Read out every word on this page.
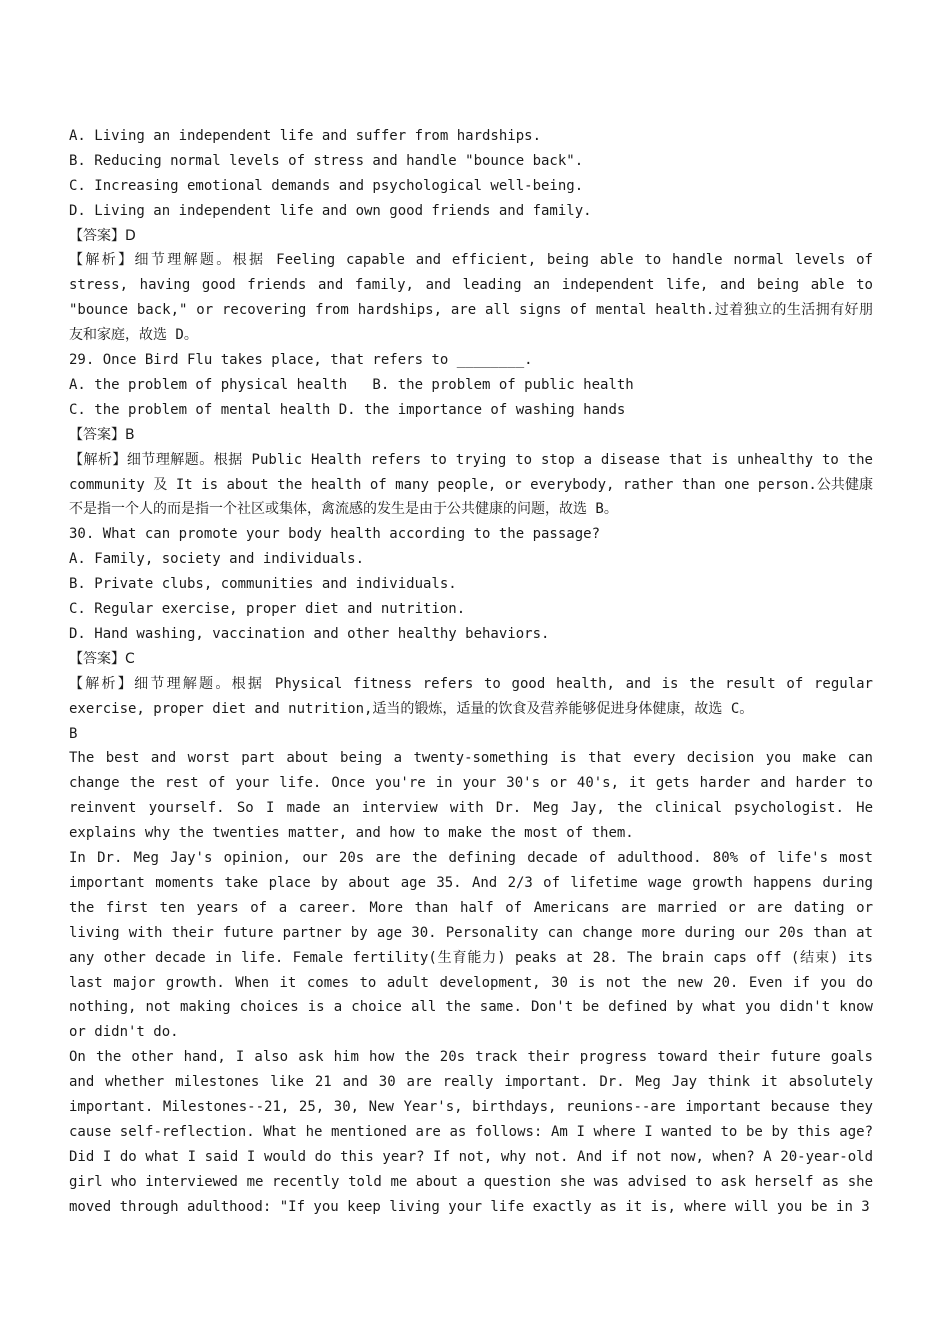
A. Living an independent life and suffer from hardships.
B. Reducing normal levels of stress and handle "bounce back".
C. Increasing emotional demands and psychological well-being.
D. Living an independent life and own good friends and family.
【答案】D

【解析】细节理解题。根据 Feeling capable and efficient, being able to handle normal levels of stress, having good friends and family, and leading an independent life, and being able to "bounce back," or recovering from hardships, are all signs of mental health.过着独立的生活拥有好朋友和家庭，故选 D。

29. Once Bird Flu takes place, that refers to ________.
A. the problem of physical health   B. the problem of public health
C. the problem of mental health D. the importance of washing hands
【答案】B

【解析】细节理解题。根据 Public Health refers to trying to stop a disease that is unhealthy to the community 及 It is about the health of many people, or everybody, rather than one person.公共健康不是指一个人的而是指一个社区或集体，禽流感的发生是由于公共健康的问题，故选 B。

30. What can promote your body health according to the passage?
A. Family, society and individuals.
B. Private clubs, communities and individuals.
C. Regular exercise, proper diet and nutrition.
D. Hand washing, vaccination and other healthy behaviors.
【答案】C

【解析】细节理解题。根据 Physical fitness refers to good health, and is the result of regular exercise, proper diet and nutrition,适当的锻炼，适量的饮食及营养能够促进身体健康，故选 C。

B

The best and worst part about being a twenty-something is that every decision you make can change the rest of your life. Once you're in your 30's or 40's, it gets harder and harder to reinvent yourself. So I made an interview with Dr. Meg Jay, the clinical psychologist. He explains why the twenties matter, and how to make the most of them.

In Dr. Meg Jay's opinion, our 20s are the defining decade of adulthood. 80% of life's most important moments take place by about age 35. And 2/3 of lifetime wage growth happens during the first ten years of a career. More than half of Americans are married or are dating or living with their future partner by age 30. Personality can change more during our 20s than at any other decade in life. Female fertility(生育能力) peaks at 28. The brain caps off (结束) its last major growth. When it comes to adult development, 30 is not the new 20. Even if you do nothing, not making choices is a choice all the same. Don't be defined by what you didn't know or didn't do.

On the other hand, I also ask him how the 20s track their progress toward their future goals and whether milestones like 21 and 30 are really important. Dr. Meg Jay think it absolutely important. Milestones--21, 25, 30, New Year's, birthdays, reunions--are important because they cause self-reflection. What he mentioned are as follows: Am I where I wanted to be by this age? Did I do what I said I would do this year? If not, why not. And if not now, when? A 20-year-old girl who interviewed me recently told me about a question she was advised to ask herself as she moved through adulthood: "If you keep living your life exactly as it is, where will you be in 3
